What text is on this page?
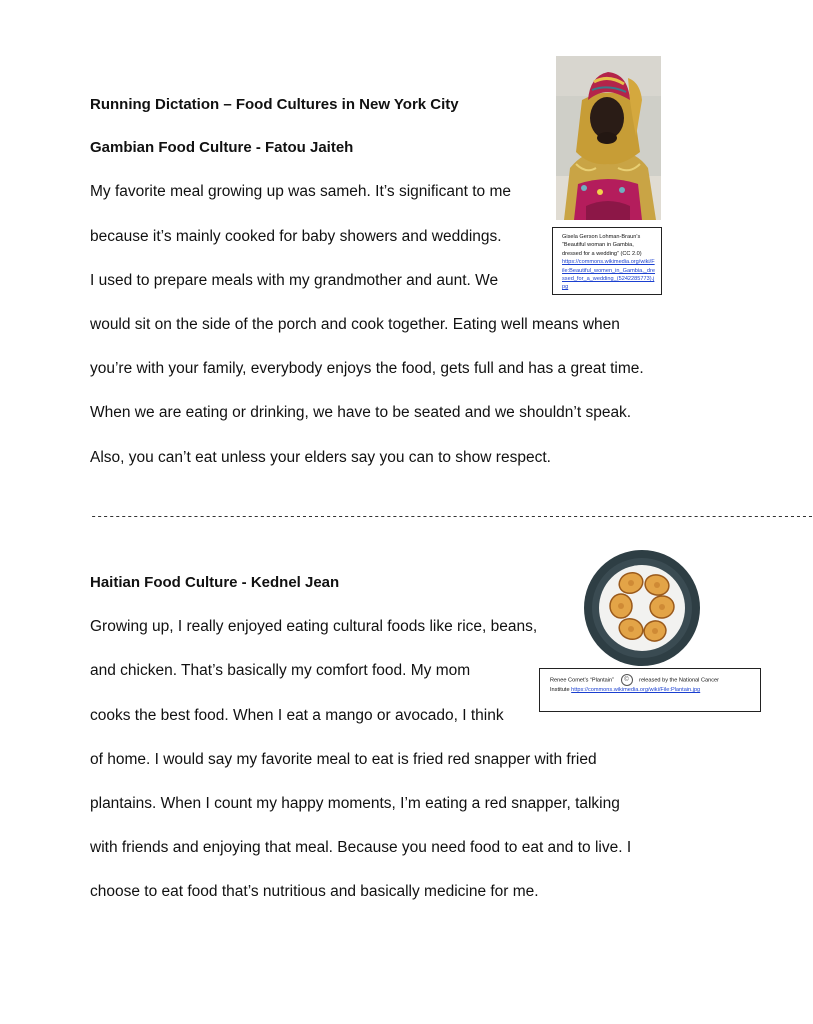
Running Dictation – Food Cultures in New York City
Gambian Food Culture - Fatou Jaiteh
My favorite meal growing up was sameh. It’s significant to me
because it’s mainly cooked for baby showers and weddings.
I used to prepare meals with my grandmother and aunt. We
would sit on the side of the porch and cook together. Eating well means when
you’re with your family, everybody enjoys the food, gets full and has a great time.
When we are eating or drinking, we have to be seated and we shouldn’t speak.
Also, you can’t eat unless your elders say you can to show respect.
------------------------------------------------------------------------------------------------------------------------
Haitian Food Culture - Kednel Jean
Growing up, I really enjoyed eating cultural foods like rice, beans,
and chicken. That’s basically my comfort food. My mom
cooks the best food. When I eat a mango or avocado, I think
of home. I would say my favorite meal to eat is fried red snapper with fried
plantains. When I count my happy moments, I’m eating a red snapper, talking
with friends and enjoying that meal. Because you need food to eat and to live. I
choose to eat food that’s nutritious and basically medicine for me.
Gisela Gerson Lohman-Braun’s “Beautiful woman in Gambia, dressed for a wedding” (CC 2.0)
https://commons.wikimedia.org/wiki/File:Beautiful_women_in_Gambia,_dressed_for_a_wedding_(5242285773).jpg
Renee Comet’s “Plantain” © released by the National Cancer
Institute https://commons.wikimedia.org/wiki/File:Plantain.jpg
